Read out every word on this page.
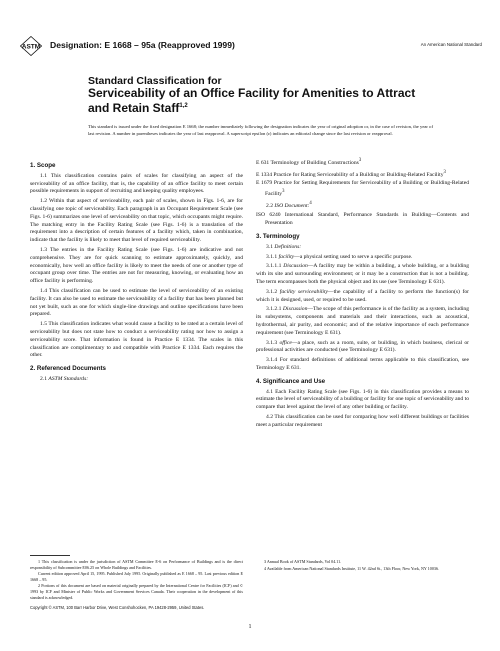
ASTM Designation: E 1668 – 95a (Reapproved 1999)	An American National Standard
Standard Classification for
Serviceability of an Office Facility for Amenities to Attract
and Retain Staff$^{1,2}$
This standard is issued under the fixed designation E 1668; the number immediately following the designation indicates the year of original adoption or, in the case of revision, the year of last revision. A number in parentheses indicates the year of last reapproval. A superscript epsilon (ε) indicates an editorial change since the last revision or reapproval.
1. Scope

1.1 This classification contains pairs of scales for classifying an aspect of the serviceability of an office facility, that is, the capability of an office facility to meet certain possible requirements in support of recruiting and keeping quality employees.

1.2 Within that aspect of serviceability, each pair of scales, shown in Figs. 1-6, are for classifying one topic of serviceability. Each paragraph in an Occupant Requirement Scale (see Figs. 1-6) summarizes one level of serviceability on that topic, which occupants might require. The matching entry in the Facility Rating Scale (see Figs. 1-6) is a translation of the requirement into a description of certain features of a facility which, taken in combination, indicate that the facility is likely to meet that level of required serviceability.

1.3 The entries in the Facility Rating Scale (see Figs. 1-6) are indicative and not comprehensive. They are for quick scanning to estimate approximately, quickly, and economically, how well an office facility is likely to meet the needs of one or another type of occupant group over time. The entries are not for measuring, knowing, or evaluating how an office facility is performing.

1.4 This classification can be used to estimate the level of serviceability of an existing facility. It can also be used to estimate the serviceability of a facility that has been planned but not yet built, such as one for which single-line drawings and outline specifications have been prepared.

1.5 This classification indicates what would cause a facility to be rated at a certain level of serviceability but does not state how to conduct a serviceability rating nor how to assign a serviceability score. That information is found in Practice E 1334. The scales in this classification are complimentary to and compatible with Practice E 1334. Each requires the other.

2. Referenced Documents

2.1 ASTM Standards:

E 631 Terminology of Building Constructions$^3$

E 1334 Practice for Rating Serviceability of a Building or Building-Related Facility$^3$

E 1679 Practice for Setting Requirements for Serviceability of a Building or Building-Related Facility$^3$

2.2 ISO Document:$^4$

ISO 6240 International Standard, Performance Standards in Building—Contents and Presentation

3. Terminology

3.1 Definitions:

3.1.1 facility—a physical setting used to serve a specific purpose.

3.1.1.1 Discussion—A facility may be within a building, a whole building, or a building with its site and surrounding environment; or it may be a construction that is not a building. The term encompasses both the physical object and its use (see Terminology E 631).

3.1.2 facility serviceability—the capability of a facility to perform the function(s) for which it is designed, used, or required to be used.

3.1.2.1 Discussion—The scope of this performance is of the facility as a system, including its subsystems, components and materials and their interactions, such as acoustical, hydrothermal, air purity, and economic; and of the relative importance of each performance requirement (see Terminology E 631).

3.1.3 office—a place, such as a room, suite, or building, in which business, clerical or professional activities are conducted (see Terminology E 631).

3.1.4 For standard definitions of additional terms applicable to this classification, see Terminology E 631.

4. Significance and Use

4.1 Each Facility Rating Scale (see Figs. 1-6) in this classification provides a means to estimate the level of serviceability of a building or facility for one topic of serviceability and to compare that level against the level of any other building or facility.

4.2 This classification can be used for comparing how well different buildings or facilities meet a particular requirement

1 This classification is under the jurisdiction of ASTM Committee E-6 on Performance of Buildings and is the direct responsibility of Subcommittee E06.25 on Whole Buildings and Facilities.

Current edition approved April 15, 1995. Published July 1995. Originally published as E 1668 – 95. Last previous edition E 1668 – 95.

2 Portions of this document are based on material originally prepared by the International Centre for Facilities (ICF) and © 1993 by ICF and Minister of Public Works and Government Services Canada. Their cooperation in the development of this standard is acknowledged.

3 Annual Book of ASTM Standards, Vol 04.11.

4 Available from American National Standards Institute, 11 W. 42nd St., 13th Floor, New York, NY 10036.

Copyright © ASTM, 100 Barr Harbor Drive, West Conshohocken, PA 19428-2959, United States.
1
